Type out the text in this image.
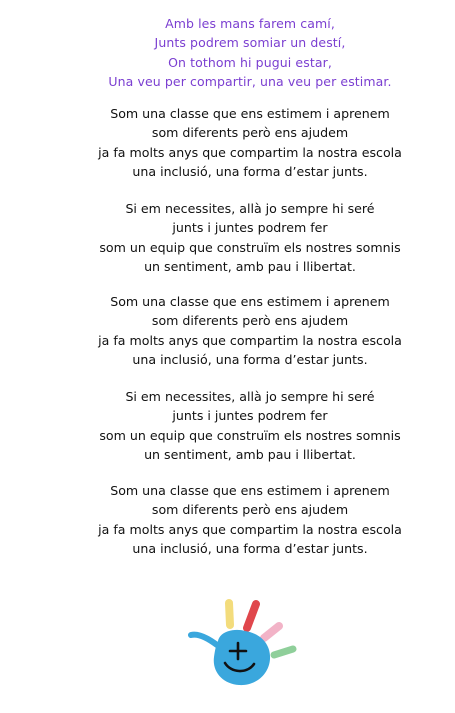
Amb les mans farem camí,
Junts podrem somiar un destí,
On tothom hi pugui estar,
Una veu per compartir, una veu per estimar.
Som una classe que ens estimem i aprenem
som diferents però ens ajudem
ja fa molts anys que compartim la nostra escola
una inclusió, una forma d’estar junts.
Si em necessites, allà jo sempre hi seré
junts i juntes podrem fer
som un equip que construïm els nostres somnis
un sentiment, amb pau i llibertat.
Som una classe que ens estimem i aprenem
som diferents però ens ajudem
ja fa molts anys que compartim la nostra escola
una inclusió, una forma d’estar junts.
Si em necessites, allà jo sempre hi seré
junts i juntes podrem fer
som un equip que construïm els nostres somnis
un sentiment, amb pau i llibertat.
Som una classe que ens estimem i aprenem
som diferents però ens ajudem
ja fa molts anys que compartim la nostra escola
una inclusió, una forma d’estar junts.
